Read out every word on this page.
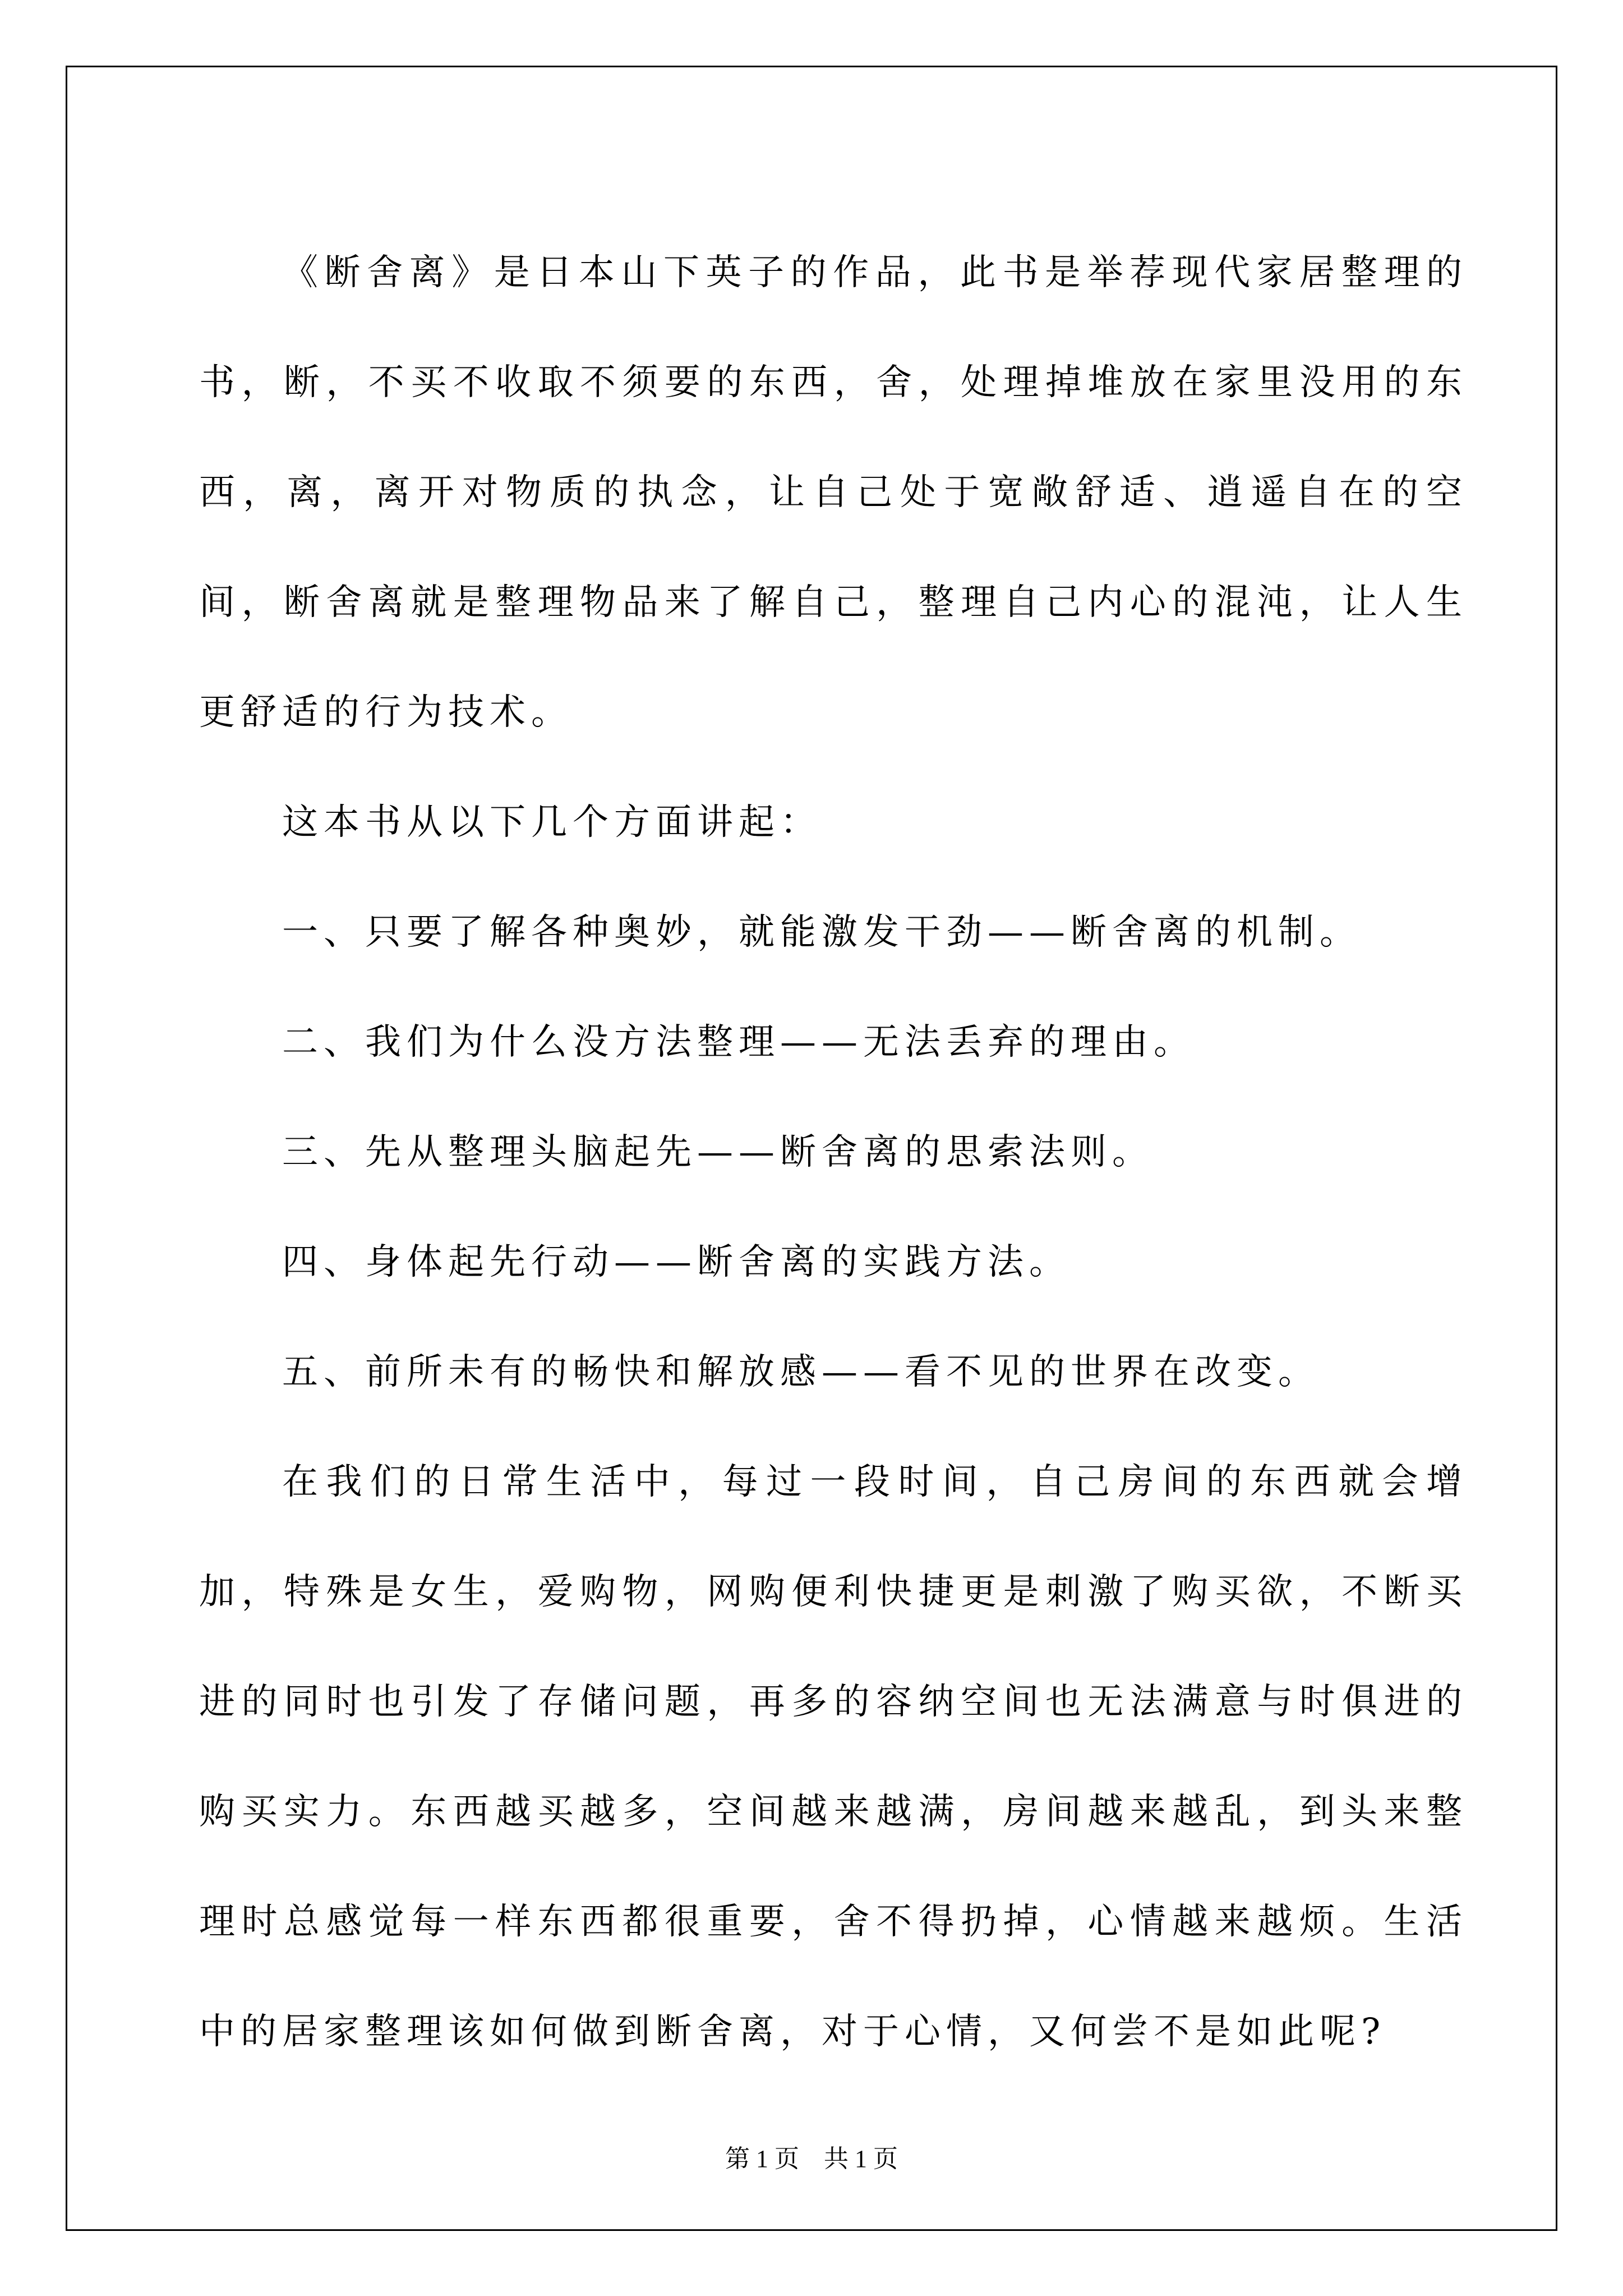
《断舍离》是日本山下英子的作品，此书是举荐现代家居整理的书，断，不买不收取不须要的东西，舍，处理掉堆放在家里没用的东西，离，离开对物质的执念，让自己处于宽敞舒适、逍遥自在的空间，断舍离就是整理物品来了解自己，整理自己内心的混沌，让人生更舒适的行为技术。

这本书从以下几个方面讲起：

一、只要了解各种奥妙，就能激发干劲——断舍离的机制。

二、我们为什么没方法整理——无法丢弃的理由。

三、先从整理头脑起先——断舍离的思索法则。

四、身体起先行动——断舍离的实践方法。

五、前所未有的畅快和解放感——看不见的世界在改变。

在我们的日常生活中，每过一段时间，自己房间的东西就会增加，特殊是女生，爱购物，网购便利快捷更是刺激了购买欲，不断买进的同时也引发了存储问题，再多的容纳空间也无法满意与时俱进的购买实力。东西越买越多，空间越来越满，房间越来越乱，到头来整理时总感觉每一样东西都很重要，舍不得扔掉，心情越来越烦。生活中的居家整理该如何做到断舍离，对于心情，又何尝不是如此呢?

第 1 页　共 1 页
